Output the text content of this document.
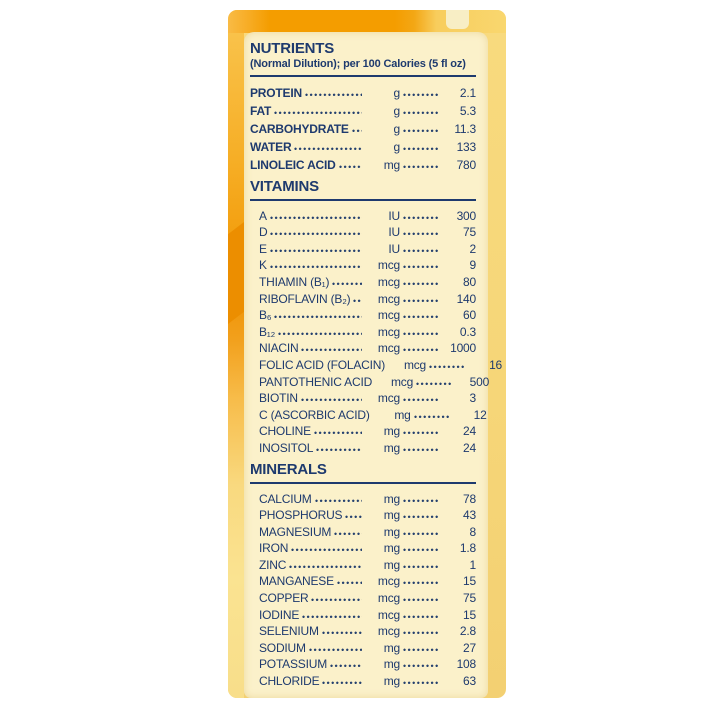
NUTRIENTS
(Normal Dilution); per 100 Calories (5 fl oz)
PROTEIN	g	2.1
FAT	g	5.3
CARBOHYDRATE	g	11.3
WATER	g	133
LINOLEIC ACID	mg	780
VITAMINS
A	IU	300
D	IU	75
E	IU	2
K	mcg	9
THIAMIN (B₁)	mcg	80
RIBOFLAVIN (B₂)	mcg	140
B₆	mcg	60
B₁₂	mcg	0.3
NIACIN	mcg	1000
FOLIC ACID (FOLACIN)	mcg	16
PANTOTHENIC ACID	mcg	500
BIOTIN	mcg	3
C (ASCORBIC ACID)	mg	12
CHOLINE	mg	24
INOSITOL	mg	24
MINERALS
CALCIUM	mg	78
PHOSPHORUS	mg	43
MAGNESIUM	mg	8
IRON	mg	1.8
ZINC	mg	1
MANGANESE	mcg	15
COPPER	mcg	75
IODINE	mcg	15
SELENIUM	mcg	2.8
SODIUM	mg	27
POTASSIUM	mg	108
CHLORIDE	mg	63
